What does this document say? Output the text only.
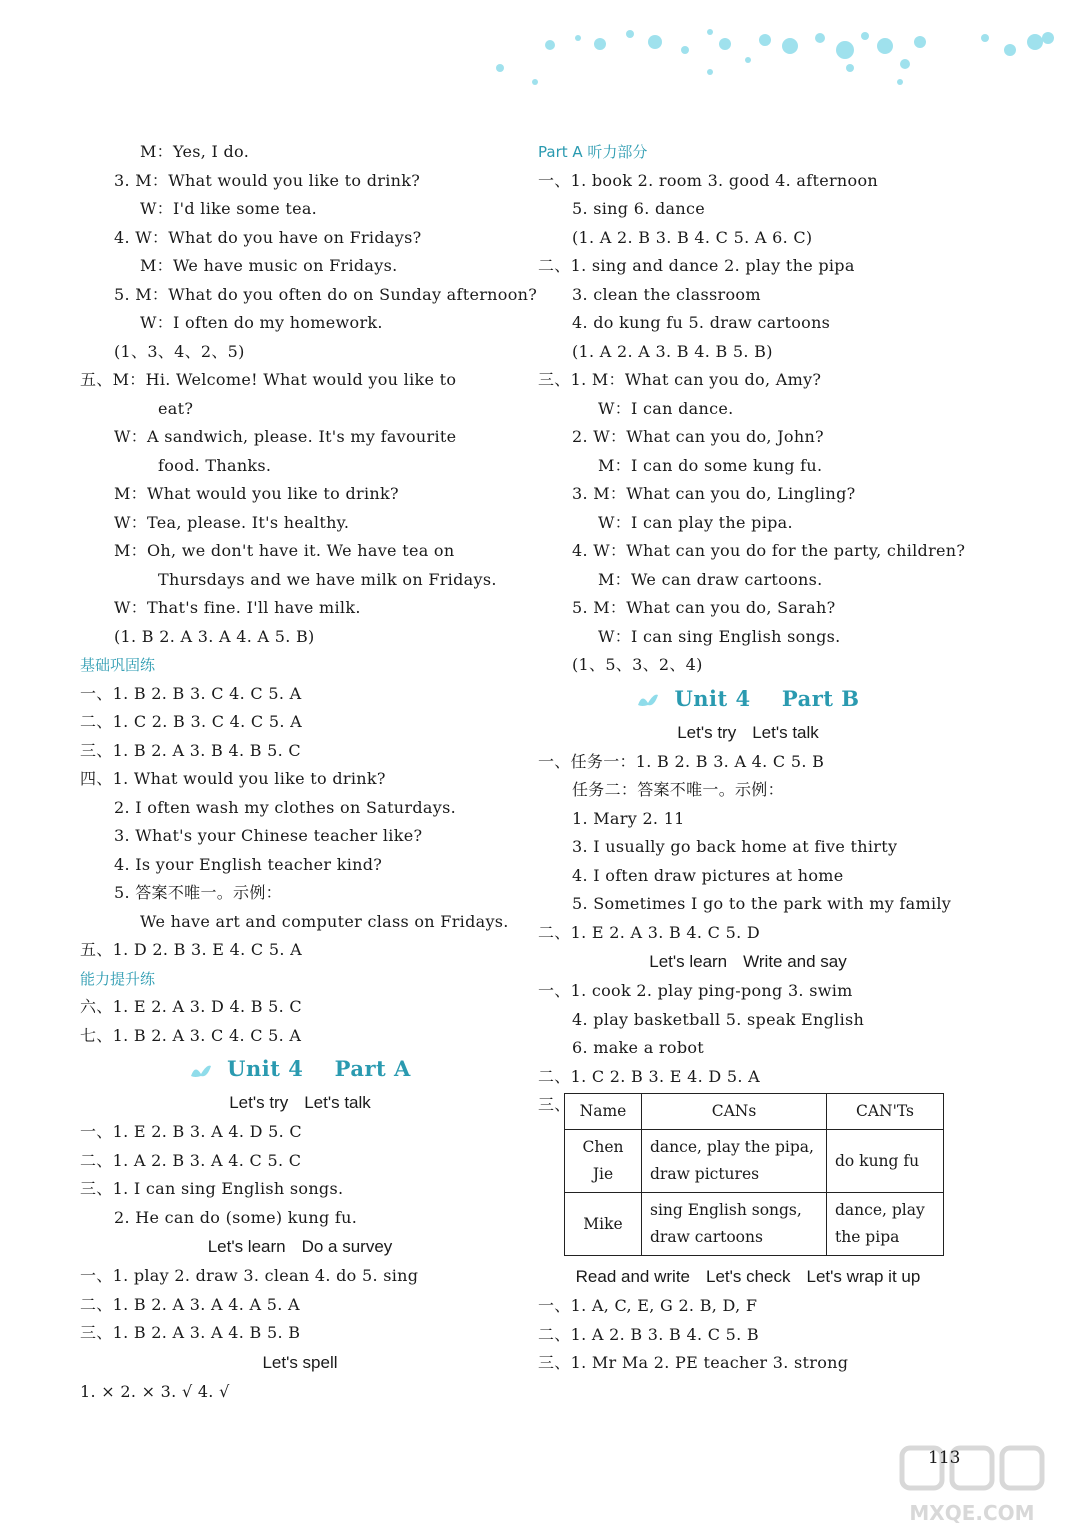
M：Yes, I do.
3. M：What would you like to drink?
W：I'd like some tea.
4. W：What do you have on Fridays?
M：We have music on Fridays.
5. M：What do you often do on Sunday afternoon?
W：I often do my homework.
(1、3、4、2、5)
五、M：Hi. Welcome! What would you like to
eat?
W：A sandwich, please. It's my favourite
food. Thanks.
M：What would you like to drink?
W：Tea, please. It's healthy.
M：Oh, we don't have it. We have tea on
Thursdays and we have milk on Fridays.
W：That's fine. I'll have milk.
(1. B 2. A 3. A 4. A 5. B)
基础巩固练
一、1. B 2. B 3. C 4. C 5. A
二、1. C 2. B 3. C 4. C 5. A
三、1. B 2. A 3. B 4. B 5. C
四、1. What would you like to drink?
2. I often wash my clothes on Saturdays.
3. What's your Chinese teacher like?
4. Is your English teacher kind?
5. 答案不唯一。示例：
We have art and computer class on Fridays.
五、1. D 2. B 3. E 4. C 5. A
能力提升练
六、1. E 2. A 3. D 4. B 5. C
七、1. B 2. A 3. C 4. C 5. A
Unit 4 Part A
Let's try Let's talk
一、1. E 2. B 3. A 4. D 5. C
二、1. A 2. B 3. A 4. C 5. C
三、1. I can sing English songs.
2. He can do (some) kung fu.
Let's learn Do a survey
一、1. play 2. draw 3. clean 4. do 5. sing
二、1. B 2. A 3. A 4. A 5. A
三、1. B 2. A 3. A 4. B 5. B
Let's spell
1. × 2. × 3. √ 4. √
Part A 听力部分
一、1. book 2. room 3. good 4. afternoon
5. sing 6. dance
(1. A 2. B 3. B 4. C 5. A 6. C)
二、1. sing and dance 2. play the pipa
3. clean the classroom
4. do kung fu 5. draw cartoons
(1. A 2. A 3. B 4. B 5. B)
三、1. M：What can you do, Amy?
W：I can dance.
2. W：What can you do, John?
M：I can do some kung fu.
3. M：What can you do, Lingling?
W：I can play the pipa.
4. W：What can you do for the party, children?
M：We can draw cartoons.
5. M：What can you do, Sarah?
W：I can sing English songs.
(1、5、3、2、4)
Unit 4 Part B
Let's try Let's talk
一、任务一：1. B 2. B 3. A 4. C 5. B
任务二：答案不唯一。示例：
1. Mary 2. 11
3. I usually go back home at five thirty
4. I often draw pictures at home
5. Sometimes I go to the park with my family
二、1. E 2. A 3. B 4. C 5. D
Let's learn Write and say
一、1. cook 2. play ping-pong 3. swim
4. play basketball 5. speak English
6. make a robot
二、1. C 2. B 3. E 4. D 5. A
三、 Name	CANs	CAN'Ts
Chen Jie	dance, play the pipa, draw pictures	do kung fu
Mike	sing English songs, draw cartoons	dance, play the pipa
Read and write Let's check Let's wrap it up
一、1. A, C, E, G 2. B, D, F
二、1. A 2. B 3. B 4. C 5. B
三、1. Mr Ma 2. PE teacher 3. strong
MXQE.COM
113
